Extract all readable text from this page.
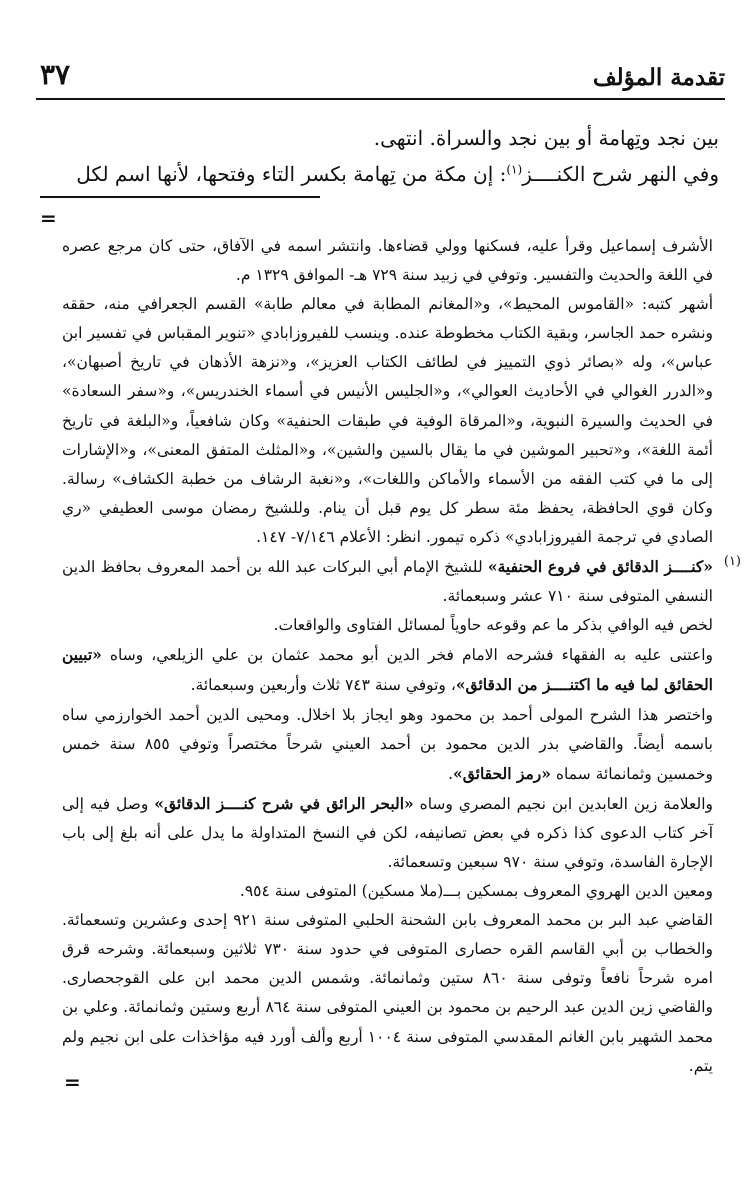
تقدمة المؤلف
٣٧

بين نجد وتِهامة أو بين نجد والسراة. انتهى.

وفي النهر شرح الكنــــز$^{(١)}$: إن مكة من تِهامة بكسر التاء وفتحها، لأنها اسم لكل

=

الأشرف إسماعيل وقرأ عليه، فسكنها وولي قضاءها. وانتشر اسمه في الآفاق، حتى كان مرجع عصره في اللغة والحديث والتفسير. وتوفي في زبيد سنة ٧٢٩ هـ- الموافق ١٣٢٩ م.

أشهر كتبه: «القاموس المحيط»، و«المغانم المطابة في معالم طابة» القسم الجعرافي منه، حققه ونشره حمد الجاسر، وبقية الكتاب مخطوطة عنده. وينسب للفيروزابادي «تنوير المقباس في تفسير ابن عباس»، وله «بصائر ذوي التمييز في لطائف الكتاب العزيز»، و«نزهة الأذهان في تاريخ أصبهان»، و«الدرر الغوالي في الأحاديث العوالي»، و«الجليس الأنيس في أسماء الخندريس»، و«سفر السعادة» في الحديث والسيرة النبوية، و«المرقاة الوفية في طبقات الحنفية» وكان شافعياً، و«البلغة في تاريخ أئمة اللغة»، و«تحبير الموشين في ما يقال بالسين والشين»، و«المثلث المتفق المعنى»، و«الإشارات إلى ما في كتب الفقه من الأسماء والأماكن واللغات»، و«نغبة الرشاف من خطبة الكشاف» رسالة. وكان قوي الحافظة، يحفظ مئة سطر كل يوم قبل أن ينام. وللشيخ رمضان موسى العطيفي «ري الصادي في ترجمة الفيروزابادي» ذكره تيمور. انظر: الأعلام ٧/١٤٦- ١٤٧.

(١)
«كنــــز الدقائق في فروع الحنفية» للشيخ الإمام أبي البركات عبد الله بن أحمد المعروف بحافظ الدين النسفي المتوفى سنة ٧١٠ عشر وسبعمائة.

لخص فيه الوافي بذكر ما عم وقوعه حاوياً لمسائل الفتاوى والواقعات.

واعتنى عليه به الفقهاء فشرحه الامام فخر الدين أبو محمد عثمان بن علي الزيلعي، وساه «تبيين الحقائق لما فيه ما اكتنــــز من الدقائق»، وتوفي سنة ٧٤٣ ثلاث وأربعين وسبعمائة.

واختصر هذا الشرح المولى أحمد بن محمود وهو ايجاز بلا اخلال. ومحيى الدين أحمد الخوارزمي ساه باسمه أيضاً. والقاضي بدر الدين محمود بن أحمد العيني شرحاً مختصراً وتوفي ٨٥٥ سنة خمس وخمسين وثمانمائة سماه «رمز الحقائق».

والعلامة زين العابدين ابن نجيم المصري وساه «البحر الرائق في شرح كنــــز الدقائق» وصل فيه إلى آخر كتاب الدعوى كذا ذكره في بعض تصانيفه، لكن في النسخ المتداولة ما يدل على أنه بلغ إلى باب الإجارة الفاسدة، وتوفي سنة ٩٧٠ سبعين وتسعمائة.

ومعين الدين الهروي المعروف بمسكين بـــ(ملا مسكين) المتوفى سنة ٩٥٤.

القاضي عبد البر بن محمد المعروف بابن الشحنة الحلبي المتوفى سنة ٩٢١ إحدى وعشرين وتسعمائة. والخطاب بن أبي القاسم القره حصارى المتوفى في حدود سنة ٧٣٠ ثلاثين وسبعمائة. وشرحه قرق امره شرحاً نافعاً وتوفى سنة ٨٦٠ ستين وثمانمائة. وشمس الدين محمد ابن على القوجحصارى. والقاضي زين الدين عبد الرحيم بن محمود بن العيني المتوفى سنة ٨٦٤ أربع وستين وثمانمائة. وعلي بن محمد الشهير بابن الغانم المقدسي المتوفى سنة ١٠٠٤ أربع وألف أورد فيه مؤاخذات على ابن نجيم ولم يتم.

=
